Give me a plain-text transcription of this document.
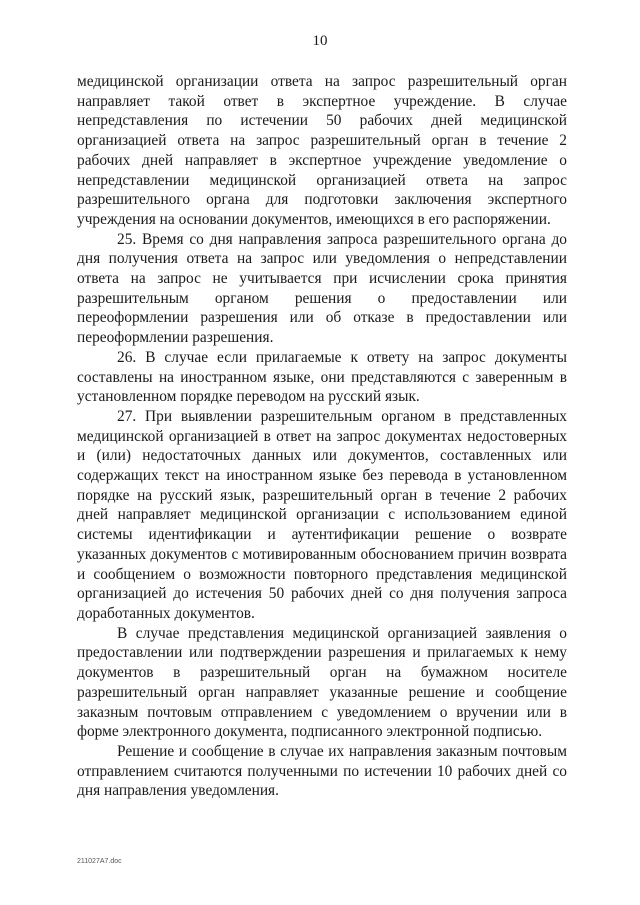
10

медицинской организации ответа на запрос разрешительный орган направляет такой ответ в экспертное учреждение. В случае непредставления по истечении 50 рабочих дней медицинской организацией ответа на запрос разрешительный орган в течение 2 рабочих дней направляет в экспертное учреждение уведомление о непредставлении медицинской организацией ответа на запрос разрешительного органа для подготовки заключения экспертного учреждения на основании документов, имеющихся в его распоряжении.

25. Время со дня направления запроса разрешительного органа до дня получения ответа на запрос или уведомления о непредставлении ответа на запрос не учитывается при исчислении срока принятия разрешительным органом решения о предоставлении или переоформлении разрешения или об отказе в предоставлении или переоформлении разрешения.

26. В случае если прилагаемые к ответу на запрос документы составлены на иностранном языке, они представляются с заверенным в установленном порядке переводом на русский язык.

27. При выявлении разрешительным органом в представленных медицинской организацией в ответ на запрос документах недостоверных и (или) недостаточных данных или документов, составленных или содержащих текст на иностранном языке без перевода в установленном порядке на русский язык, разрешительный орган в течение 2 рабочих дней направляет медицинской организации с использованием единой системы идентификации и аутентификации решение о возврате указанных документов с мотивированным обоснованием причин возврата и сообщением о возможности повторного представления медицинской организацией до истечения 50 рабочих дней со дня получения запроса доработанных документов.

В случае представления медицинской организацией заявления о предоставлении или подтверждении разрешения и прилагаемых к нему документов в разрешительный орган на бумажном носителе разрешительный орган направляет указанные решение и сообщение заказным почтовым отправлением с уведомлением о вручении или в форме электронного документа, подписанного электронной подписью.

Решение и сообщение в случае их направления заказным почтовым отправлением считаются полученными по истечении 10 рабочих дней со дня направления уведомления.

211027A7.doc
